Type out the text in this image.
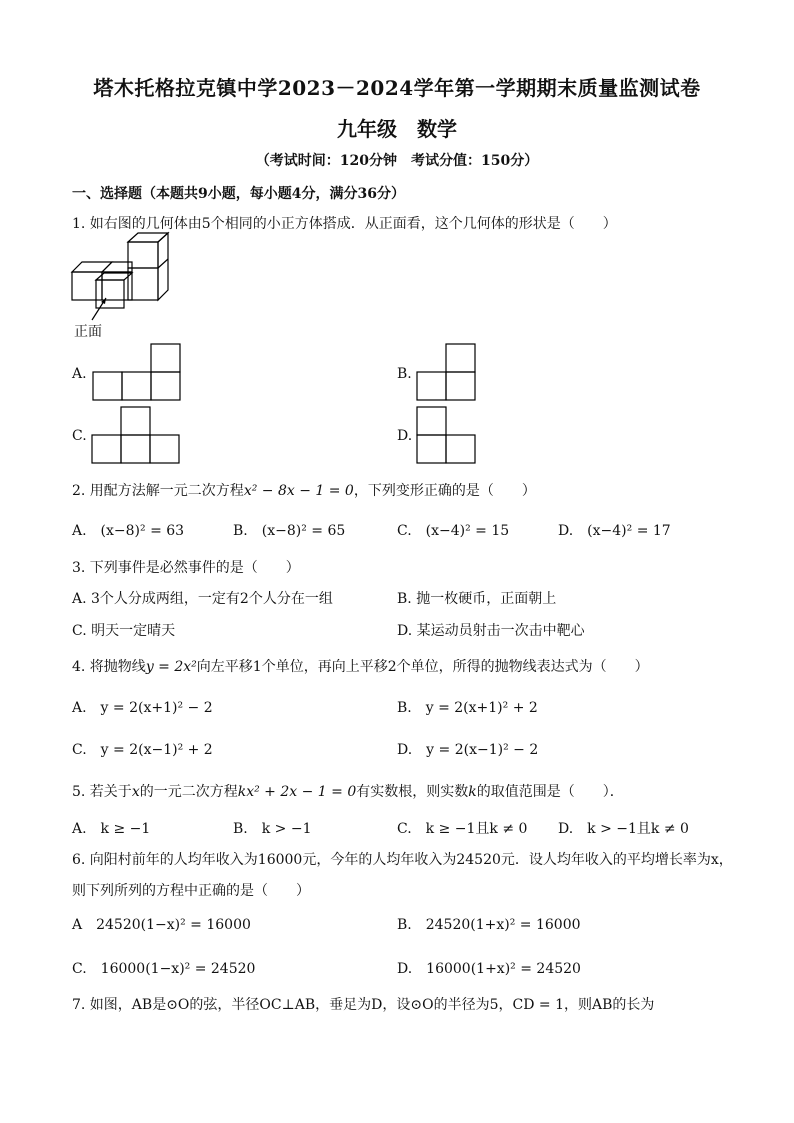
塔木托格拉克镇中学2023－2024学年第一学期期末质量监测试卷
九年级　数学
（考试时间：120分钟　考试分值：150分）
一、选择题（本题共9小题，每小题4分，满分36分）
1. 如右图的几何体由5个相同的小正方体搭成．从正面看，这个几何体的形状是（　　）
正面
A.	B.
C.	D.
2. 用配方法解一元二次方程x² − 8x − 1 = 0，下列变形正确的是（　　）
A.　(x−8)² = 63	B.　(x−8)² = 65	C.　(x−4)² = 15	D.　(x−4)² = 17
3. 下列事件是必然事件的是（　　）
A. 3个人分成两组，一定有2个人分在一组	B. 抛一枚硬币，正面朝上
C. 明天一定晴天	D. 某运动员射击一次击中靶心
4. 将抛物线y = 2x²向左平移1个单位，再向上平移2个单位，所得的抛物线表达式为（　　）
A.　y = 2(x+1)² − 2	B.　y = 2(x+1)² + 2
C.　y = 2(x−1)² + 2	D.　y = 2(x−1)² − 2
5. 若关于x的一元二次方程kx² + 2x − 1 = 0有实数根，则实数k的取值范围是（　　）．
A.　k ≥ −1	B.　k > −1	C.　k ≥ −1且k ≠ 0 D.　k > −1且k ≠ 0
6. 向阳村前年的人均年收入为16000元，今年的人均年收入为24520元．设人均年收入的平均增长率为x，
则下列所列的方程中正确的是（　　）
A　24520(1−x)² = 16000	B.　24520(1+x)² = 16000
C.　16000(1−x)² = 24520	D.　16000(1+x)² = 24520
7. 如图，AB是⊙O的弦，半径OC⊥AB，垂足为D，设⊙O的半径为5，CD = 1，则AB的长为
